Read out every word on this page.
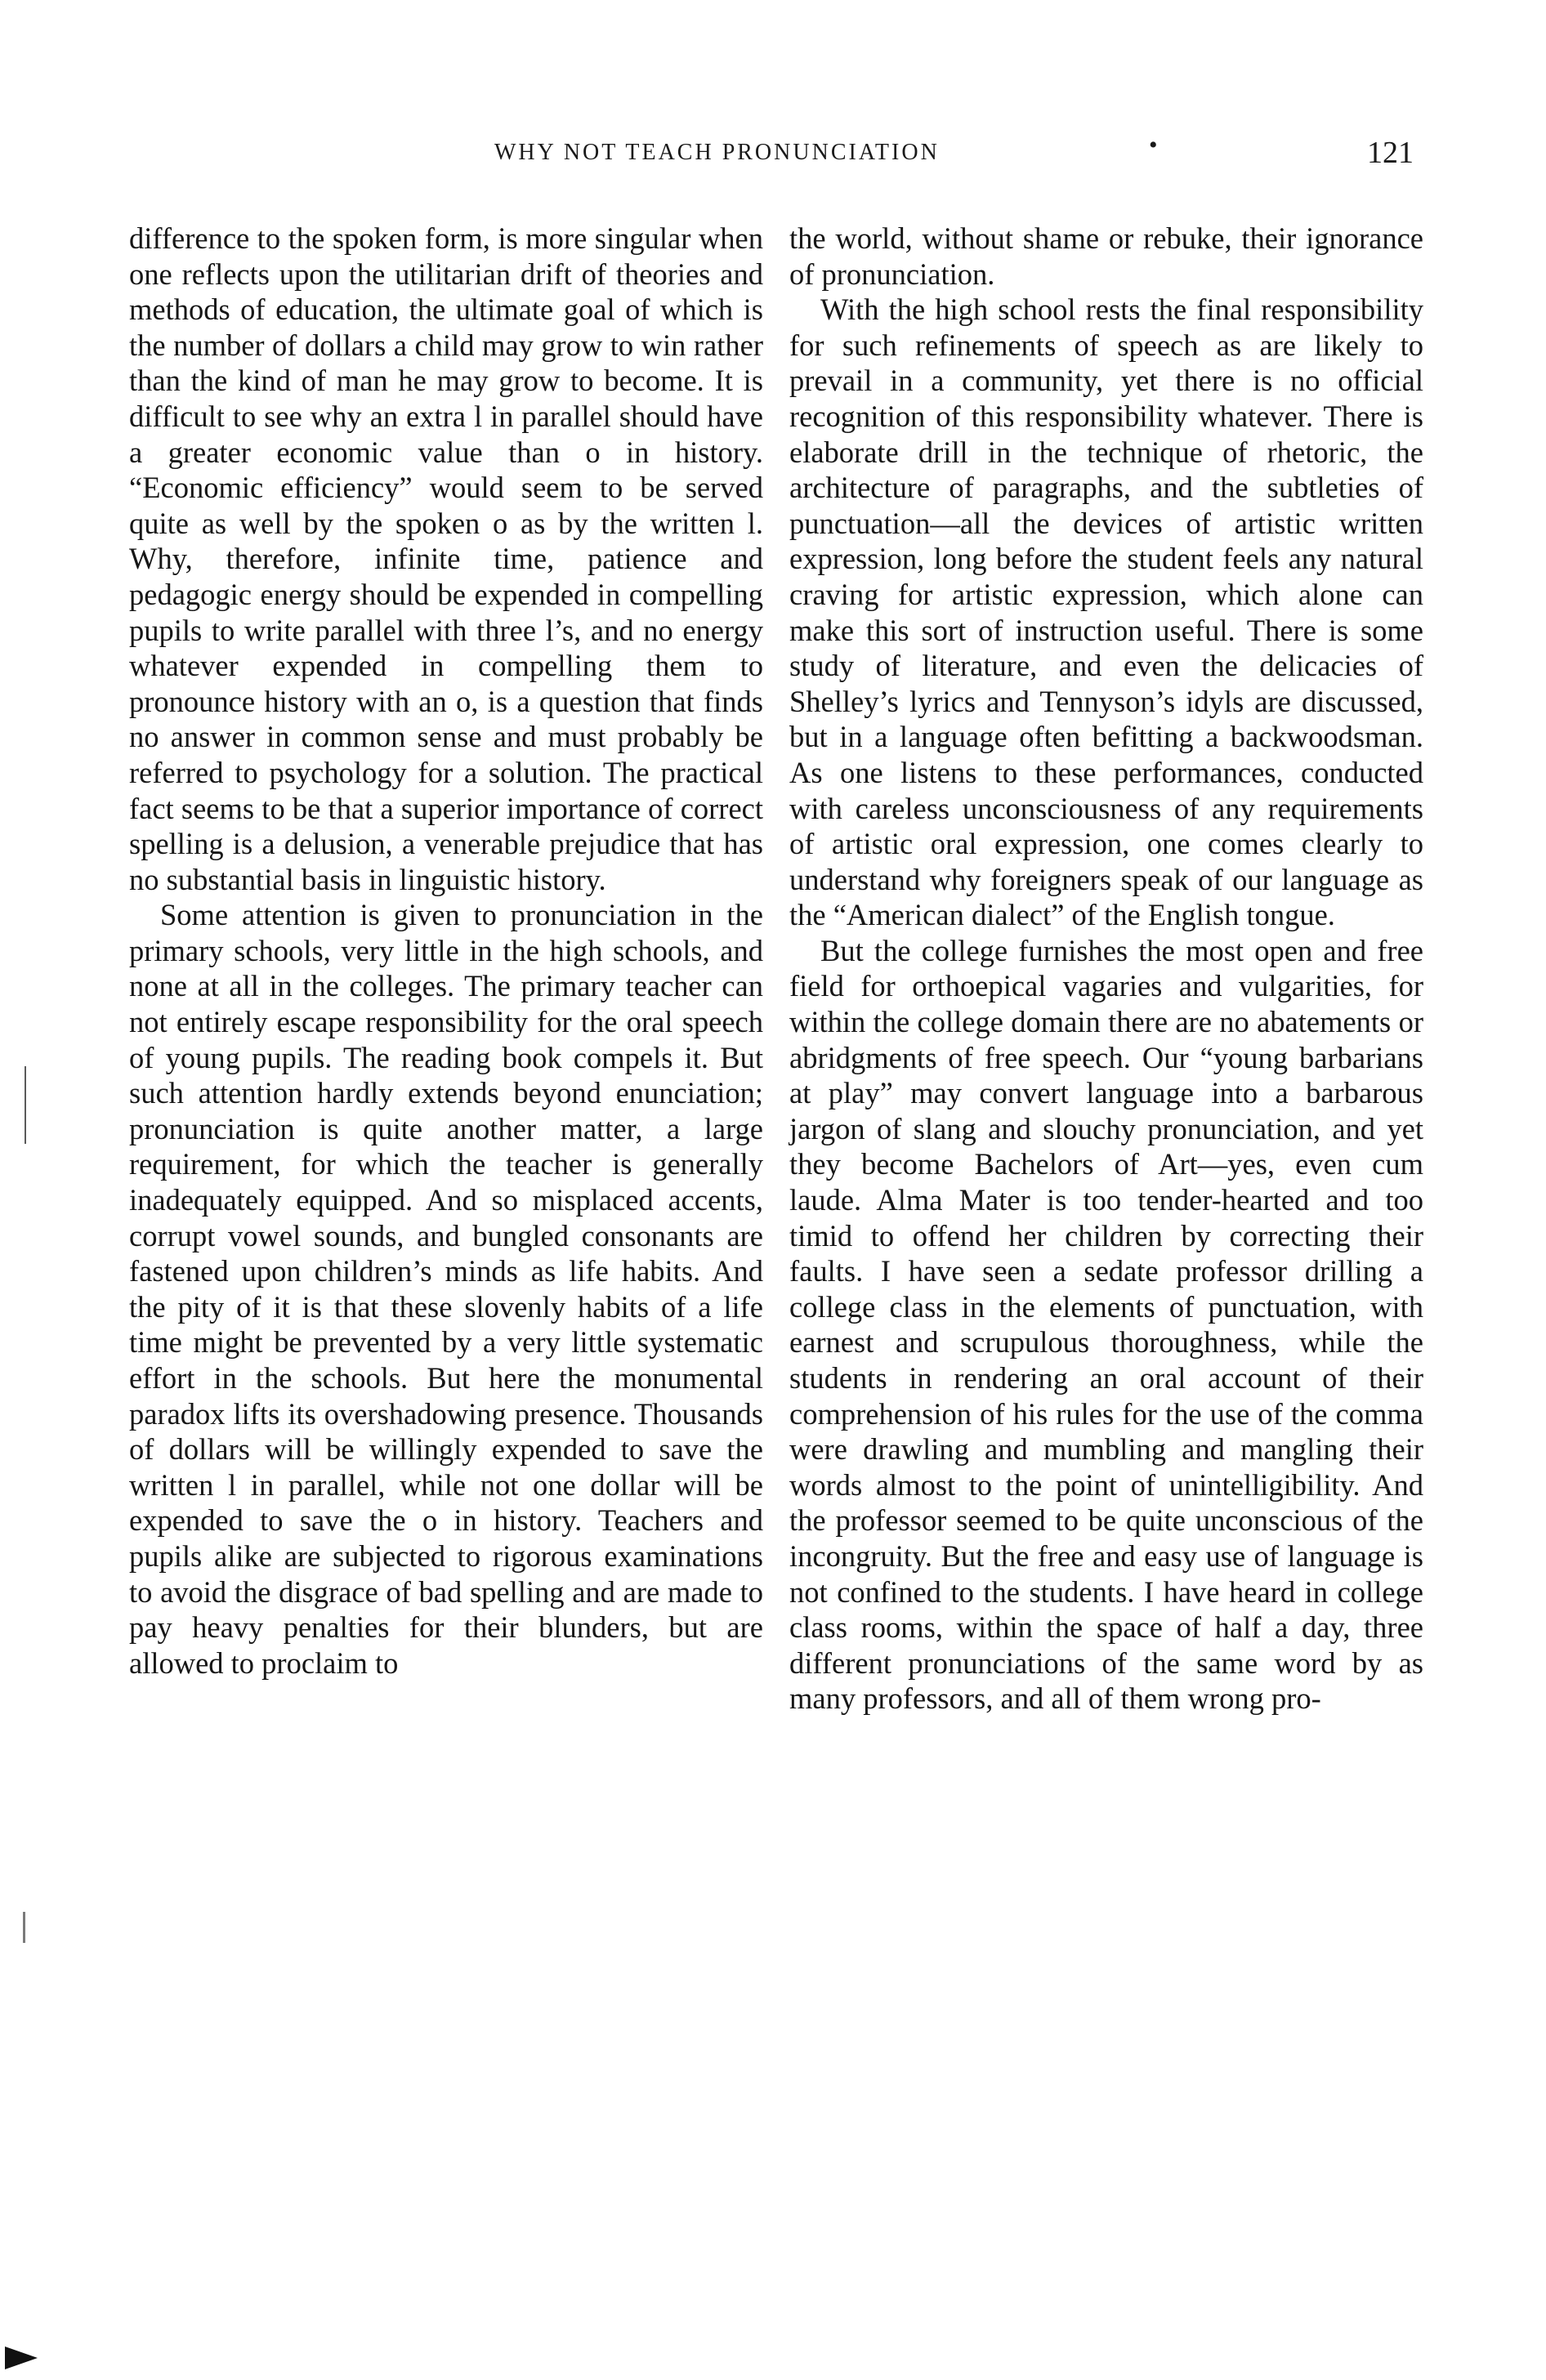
WHY NOT TEACH PRONUNCIATION	•	121

difference to the spoken form, is more singular when one reflects upon the utilitarian drift of theories and methods of education, the ultimate goal of which is the number of dollars a child may grow to win rather than the kind of man he may grow to become. It is difficult to see why an extra l in parallel should have a greater economic value than o in history. “Economic efficiency” would seem to be served quite as well by the spoken o as by the written l. Why, therefore, infinite time, patience and pedagogic energy should be expended in compelling pupils to write parallel with three l’s, and no energy whatever expended in compelling them to pronounce history with an o, is a question that finds no answer in common sense and must probably be referred to psychology for a solution. The practical fact seems to be that a superior importance of correct spelling is a delusion, a venerable prejudice that has no substantial basis in linguistic history.

Some attention is given to pronunciation in the primary schools, very little in the high schools, and none at all in the colleges. The primary teacher can not entirely escape responsibility for the oral speech of young pupils. The reading book compels it. But such attention hardly extends beyond enunciation; pronunciation is quite another matter, a large requirement, for which the teacher is generally inadequately equipped. And so misplaced accents, corrupt vowel sounds, and bungled consonants are fastened upon children’s minds as life habits. And the pity of it is that these slovenly habits of a life time might be prevented by a very little systematic effort in the schools. But here the monumental paradox lifts its overshadowing presence. Thousands of dollars will be willingly expended to save the written l in parallel, while not one dollar will be expended to save the o in history. Teachers and pupils alike are subjected to rigorous examinations to avoid the disgrace of bad spelling and are made to pay heavy penalties for their blunders, but are allowed to proclaim to

the world, without shame or rebuke, their ignorance of pronunciation.

With the high school rests the final responsibility for such refinements of speech as are likely to prevail in a community, yet there is no official recognition of this responsibility whatever. There is elaborate drill in the technique of rhetoric, the architecture of paragraphs, and the subtleties of punctuation—all the devices of artistic written expression, long before the student feels any natural craving for artistic expression, which alone can make this sort of instruction useful. There is some study of literature, and even the delicacies of Shelley’s lyrics and Tennyson’s idyls are discussed, but in a language often befitting a backwoodsman. As one listens to these performances, conducted with careless unconsciousness of any requirements of artistic oral expression, one comes clearly to understand why foreigners speak of our language as the “American dialect” of the English tongue.

But the college furnishes the most open and free field for orthoepical vagaries and vulgarities, for within the college domain there are no abatements or abridgments of free speech. Our “young barbarians at play” may convert language into a barbarous jargon of slang and slouchy pronunciation, and yet they become Bachelors of Art—yes, even cum laude. Alma Mater is too tender-hearted and too timid to offend her children by correcting their faults. I have seen a sedate professor drilling a college class in the elements of punctuation, with earnest and scrupulous thoroughness, while the students in rendering an oral account of their comprehension of his rules for the use of the comma were drawling and mumbling and mangling their words almost to the point of unintelligibility. And the professor seemed to be quite unconscious of the incongruity. But the free and easy use of language is not confined to the students. I have heard in college class rooms, within the space of half a day, three different pronunciations of the same word by as many professors, and all of them wrong pro-
